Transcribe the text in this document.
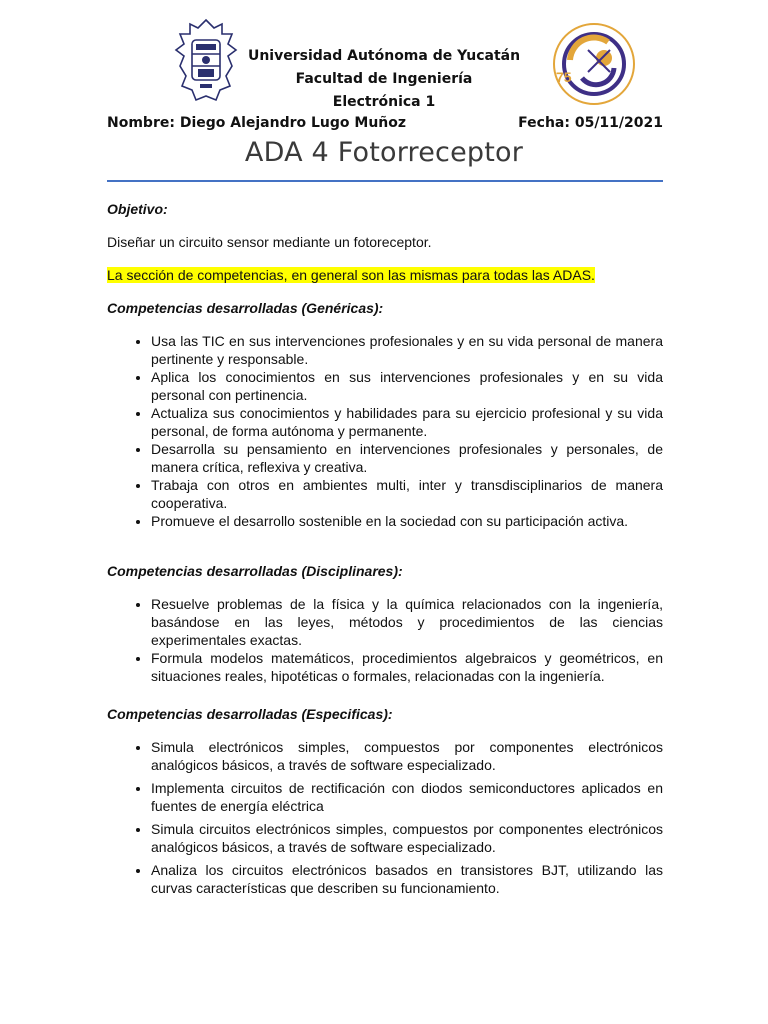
75
Universidad Autónoma de Yucatán
Facultad de Ingeniería
Electrónica 1
Nombre: Diego Alejandro Lugo Muñoz	Fecha: 05/11/2021
ADA 4 Fotorreceptor

Objetivo:

Diseñar un circuito sensor mediante un fotoreceptor.

La sección de competencias, en general son las mismas para todas las ADAS.

Competencias desarrolladas (Genéricas):

• Usa las TIC en sus intervenciones profesionales y en su vida personal de manera pertinente y responsable.
• Aplica los conocimientos en sus intervenciones profesionales y en su vida personal con pertinencia.
• Actualiza sus conocimientos y habilidades para su ejercicio profesional y su vida personal, de forma autónoma y permanente.
• Desarrolla su pensamiento en intervenciones profesionales y personales, de manera crítica, reflexiva y creativa.
• Trabaja con otros en ambientes multi, inter y transdisciplinarios de manera cooperativa.
• Promueve el desarrollo sostenible en la sociedad con su participación activa.

Competencias desarrolladas (Disciplinares):

• Resuelve problemas de la física y la química relacionados con la ingeniería, basándose en las leyes, métodos y procedimientos de las ciencias experimentales exactas.
• Formula modelos matemáticos, procedimientos algebraicos y geométricos, en situaciones reales, hipotéticas o formales, relacionadas con la ingeniería.

Competencias desarrolladas (Especificas):

• Simula electrónicos simples, compuestos por componentes electrónicos analógicos básicos, a través de software especializado.
• Implementa circuitos de rectificación con diodos semiconductores aplicados en fuentes de energía eléctrica
• Simula circuitos electrónicos simples, compuestos por componentes electrónicos analógicos básicos, a través de software especializado.
• Analiza los circuitos electrónicos basados en transistores BJT, utilizando las curvas características que describen su funcionamiento.
